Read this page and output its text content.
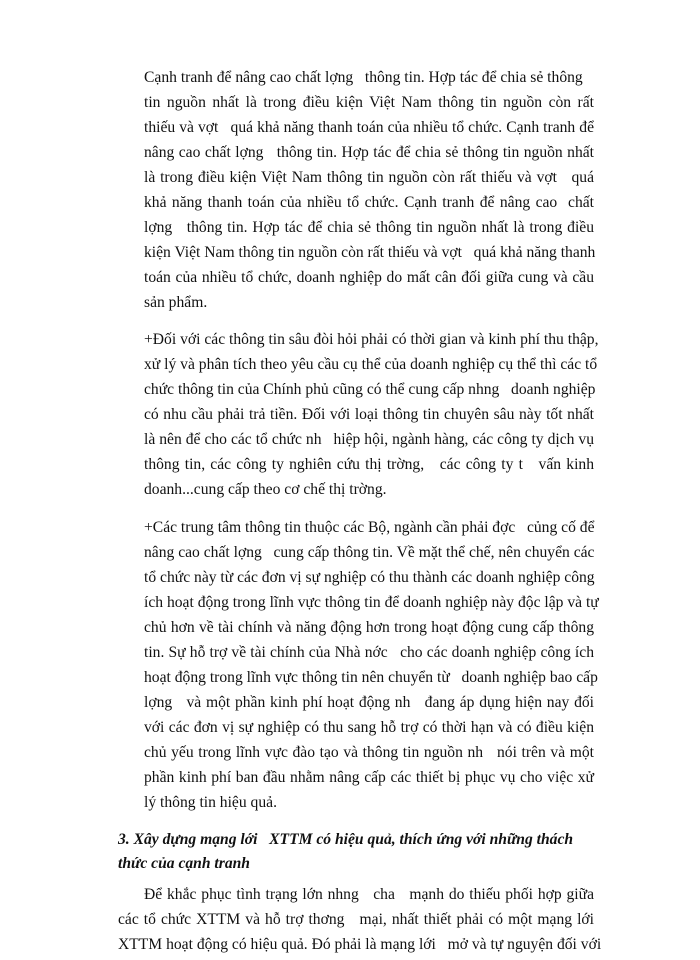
Cạnh tranh để nâng cao chất lợng   thông tin. Hợp tác để chia sẻ thông
tin nguồn nhất là trong điều kiện Việt Nam thông tin nguồn còn rất
thiếu và vợt   quá khả năng thanh toán của nhiều tổ chức. Cạnh tranh để
nâng cao chất lợng   thông tin. Hợp tác để chia sẻ thông tin nguồn nhất
là trong điều kiện Việt Nam thông tin nguồn còn rất thiếu và vợt   quá
khả năng thanh toán của nhiều tổ chức. Cạnh tranh để nâng cao  chất
lợng   thông tin. Hợp tác để chia sẻ thông tin nguồn nhất là trong điều
kiện Việt Nam thông tin nguồn còn rất thiếu và vợt   quá khả năng thanh
toán của nhiều tổ chức, doanh nghiệp do mất cân đối giữa cung và cầu
sản phẩm.
+Đối với các thông tin sâu đòi hỏi phải có thời gian và kinh phí thu thập,
xử lý và phân tích theo yêu cầu cụ thể của doanh nghiệp cụ thể thì các tổ
chức thông tin của Chính phủ cũng có thể cung cấp nhng   doanh nghiệp
có nhu cầu phải trả tiền. Đối với loại thông tin chuyên sâu này tốt nhất
là nên để cho các tổ chức nh   hiệp hội, ngành hàng, các công ty dịch vụ
thông tin, các công ty nghiên cứu thị trờng,   các công ty t   vấn kinh
doanh...cung cấp theo cơ chế thị trờng.
+Các trung tâm thông tin thuộc các Bộ, ngành cần phải đợc   củng cố để
nâng cao chất lợng   cung cấp thông tin. Về mặt thể chế, nên chuyển các
tổ chức này từ các đơn vị sự nghiệp có thu thành các doanh nghiệp công
ích hoạt động trong lĩnh vực thông tin để doanh nghiệp này độc lập và tự
chủ hơn về tài chính và năng động hơn trong hoạt động cung cấp thông
tin. Sự hỗ trợ về tài chính của Nhà nớc   cho các doanh nghiệp công ích
hoạt động trong lĩnh vực thông tin nên chuyển từ   doanh nghiệp bao cấp
lợng   và một phần kinh phí hoạt động nh   đang áp dụng hiện nay đối
với các đơn vị sự nghiệp có thu sang hỗ trợ có thời hạn và có điều kiện
chủ yếu trong lĩnh vực đào tạo và thông tin nguồn nh   nói trên và một
phần kinh phí ban đầu nhằm nâng cấp các thiết bị phục vụ cho việc xử
lý thông tin hiệu quả.
3. Xây dựng mạng lới   XTTM có hiệu quả, thích ứng với những thách
thức của cạnh tranh
Để khắc phục tình trạng lớn nhng   cha   mạnh do thiếu phối hợp giữa
các tổ chức XTTM và hỗ trợ thơng   mại, nhất thiết phải có một mạng lới
XTTM hoạt động có hiệu quả. Đó phải là mạng lới   mở và tự nguyện đối với
